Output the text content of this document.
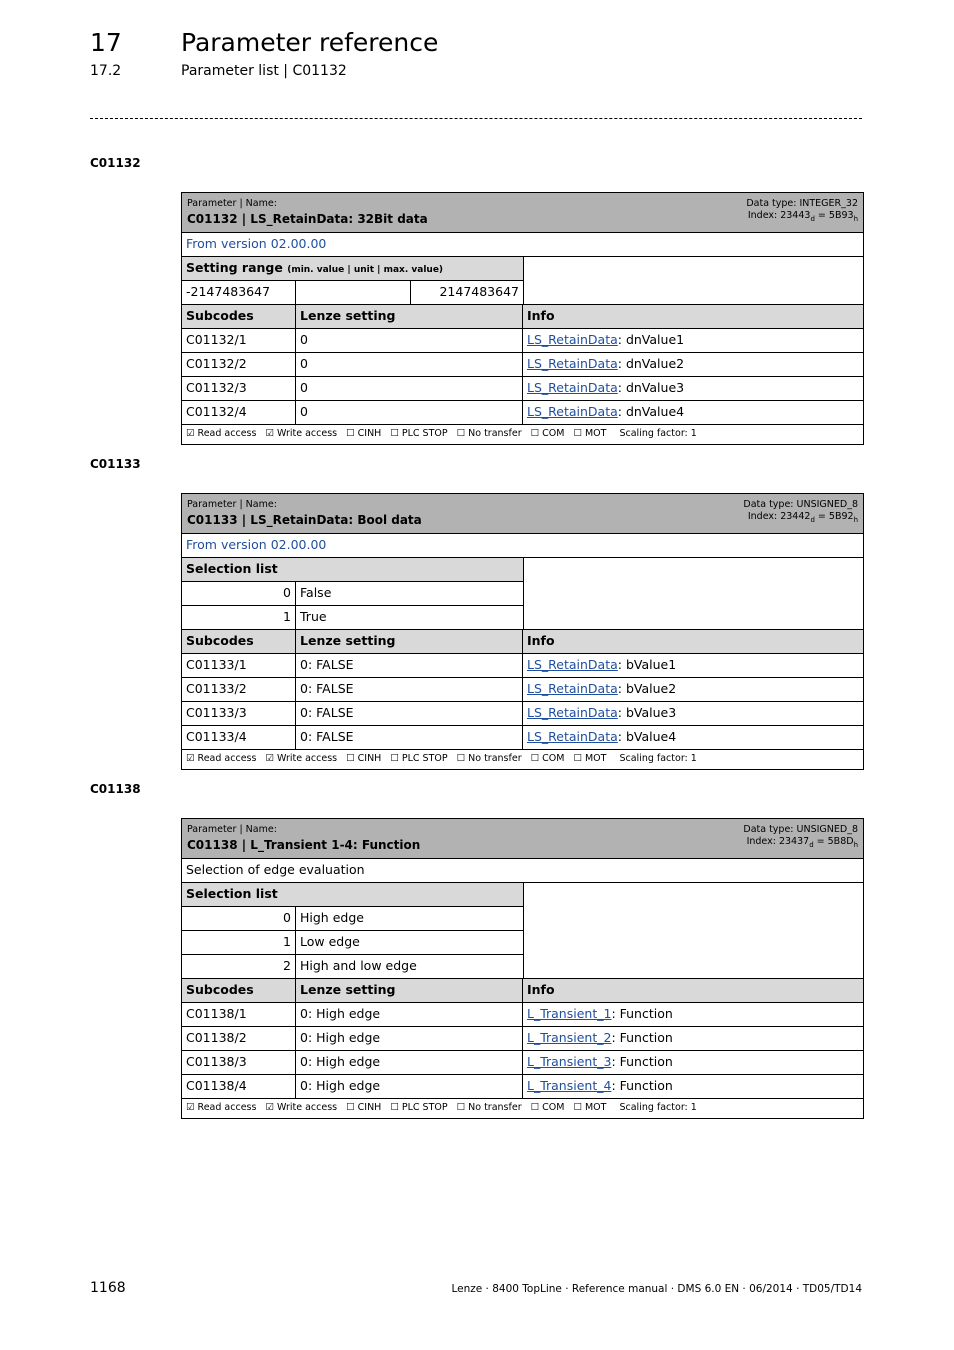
17 Parameter reference
17.2	Parameter list | C01132
C01132
Parameter | Name:
C01132 | LS_RetainData: 32Bit data
Data type: INTEGER_32
Index: $23443_d = 5B93_h$
From version 02.00.00
Setting range (min. value | unit | max. value)
-2147483647	2147483647
Subcodes	Lenze setting	Info
C01132/1	0	LS_RetainData: dnValue1
C01132/2	0	LS_RetainData: dnValue2
C01132/3	0	LS_RetainData: dnValue3
C01132/4	0	LS_RetainData: dnValue4
☑ Read access ☑ Write access ☐ CINH ☐ PLC STOP ☐ No transfer ☐ COM ☐ MOT Scaling factor: 1
C01133
Parameter | Name:
C01133 | LS_RetainData: Bool data
Data type: UNSIGNED_8
Index: $23442_d = 5B92_h$
From version 02.00.00
Selection list
0 False
1 True
Subcodes	Lenze setting	Info
C01133/1	0: FALSE	LS_RetainData: bValue1
C01133/2	0: FALSE	LS_RetainData: bValue2
C01133/3	0: FALSE	LS_RetainData: bValue3
C01133/4	0: FALSE	LS_RetainData: bValue4
☑ Read access ☑ Write access ☐ CINH ☐ PLC STOP ☐ No transfer ☐ COM ☐ MOT Scaling factor: 1
C01138
Parameter | Name:
C01138 | L_Transient 1-4: Function
Data type: UNSIGNED_8
Index: $23437_d = 5B8D_h$
Selection of edge evaluation
Selection list
0 High edge
1 Low edge
2 High and low edge
Subcodes	Lenze setting	Info
C01138/1	0: High edge	L_Transient_1: Function
C01138/2	0: High edge	L_Transient_2: Function
C01138/3	0: High edge	L_Transient_3: Function
C01138/4	0: High edge	L_Transient_4: Function
☑ Read access ☑ Write access ☐ CINH ☐ PLC STOP ☐ No transfer ☐ COM ☐ MOT Scaling factor: 1
1168	Lenze · 8400 TopLine · Reference manual · DMS 6.0 EN · 06/2014 · TD05/TD14
